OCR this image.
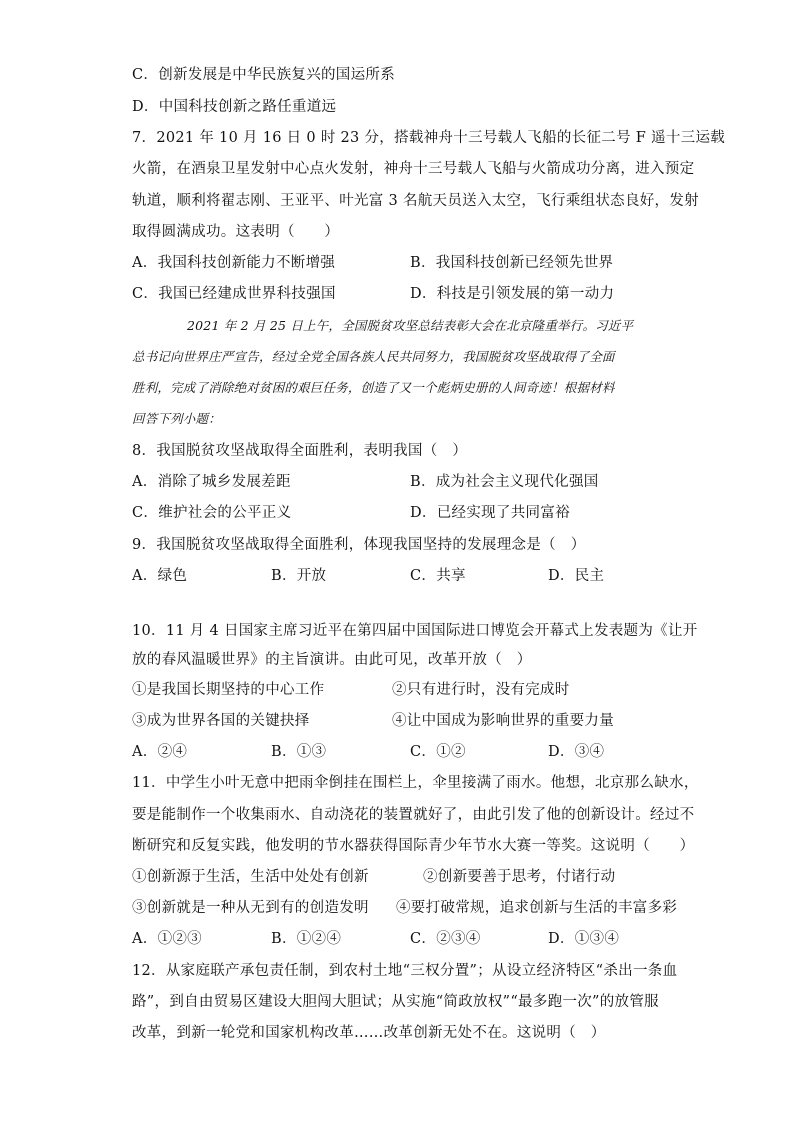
C．创新发展是中华民族复兴的国运所系
D．中国科技创新之路任重道远
7．2021 年 10 月 16 日 0 时 23 分，搭载神舟十三号载人飞船的长征二号 F 遥十三运载
火箭，在酒泉卫星发射中心点火发射，神舟十三号载人飞船与火箭成功分离，进入预定
轨道，顺利将翟志刚、王亚平、叶光富 3 名航天员送入太空，飞行乘组状态良好，发射
取得圆满成功。这表明（　　）
A．我国科技创新能力不断增强	B．我国科技创新已经领先世界
C．我国已经建成世界科技强国	D．科技是引领发展的第一动力
2021 年 2 月 25 日上午，全国脱贫攻坚总结表彰大会在北京隆重举行。习近平
总书记向世界庄严宣告，经过全党全国各族人民共同努力，我国脱贫攻坚战取得了全面
胜利，完成了消除绝对贫困的艰巨任务，创造了又一个彪炳史册的人间奇迹！根据材料
回答下列小题：
8．我国脱贫攻坚战取得全面胜利，表明我国（　）
A．消除了城乡发展差距	B．成为社会主义现代化强国
C．维护社会的公平正义	D．已经实现了共同富裕
9．我国脱贫攻坚战取得全面胜利，体现我国坚持的发展理念是（　）
A．绿色	B．开放	C．共享	D．民主
10．11 月 4 日国家主席习近平在第四届中国国际进口博览会开幕式上发表题为《让开
放的春风温暖世界》的主旨演讲。由此可见，改革开放（　）
①是我国长期坚持的中心工作	②只有进行时，没有完成时
③成为世界各国的关键抉择	④让中国成为影响世界的重要力量
A．②④	B．①③	C．①②	D．③④
11．中学生小叶无意中把雨伞倒挂在围栏上，伞里接满了雨水。他想，北京那么缺水，
要是能制作一个收集雨水、自动浇花的装置就好了，由此引发了他的创新设计。经过不
断研究和反复实践，他发明的节水器获得国际青少年节水大赛一等奖。这说明（　　）
①创新源于生活，生活中处处有创新	②创新要善于思考，付诸行动
③创新就是一种从无到有的创造发明 ④要打破常规，追求创新与生活的丰富多彩
A．①②③	B．①②④	C．②③④	D．①③④
12．从家庭联产承包责任制，到农村土地“三权分置”；从设立经济特区“杀出一条血
路”，到自由贸易区建设大胆闯大胆试；从实施“简政放权”“最多跑一次”的放管服
改革，到新一轮党和国家机构改革……改革创新无处不在。这说明（　）
